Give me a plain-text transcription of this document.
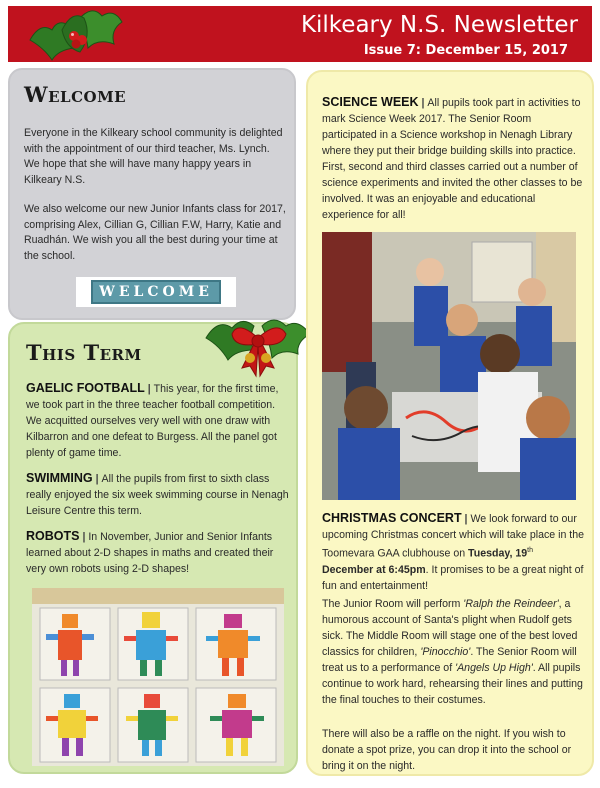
Kilkeary N.S. Newsletter
Issue 7: December 15, 2017
Welcome
Everyone in the Kilkeary school community is delighted with the appointment of our third teacher, Ms. Lynch. We hope that she will have many happy years in Kilkeary N.S.
We also welcome our new Junior Infants class for 2017, comprising Alex, Cillian G, Cillian F.W, Harry, Katie and Ruadhán. We wish you all the best during your time at the school.
WELCOME
This Term
GAELIC FOOTBALL | This year, for the first time, we took part in the three teacher football competition. We acquitted ourselves very well with one draw with Kilbarron and one defeat to Burgess. All the panel got plenty of game time.
SWIMMING | All the pupils from first to sixth class really enjoyed the six week swimming course in Nenagh Leisure Centre this term.
ROBOTS | In November, Junior and Senior Infants learned about 2-D shapes in maths and created their very own robots using 2-D shapes!
SCIENCE WEEK | All pupils took part in activities to mark Science Week 2017. The Senior Room participated in a Science workshop in Nenagh Library where they put their bridge building skills into practice. First, second and third classes carried out a number of science experiments and invited the other classes to be involved. It was an enjoyable and educational experience for all!
CHRISTMAS CONCERT | We look forward to our upcoming Christmas concert which will take place in the Toomevara GAA clubhouse on Tuesday, 19th December at 6:45pm. It promises to be a great night of fun and entertainment!
The Junior Room will perform 'Ralph the Reindeer', a humorous account of Santa's plight when Rudolf gets sick. The Middle Room will stage one of the best loved classics for children, 'Pinocchio'. The Senior Room will treat us to a performance of 'Angels Up High'. All pupils continue to work hard, rehearsing their lines and putting the final touches to their costumes.
There will also be a raffle on the night. If you wish to donate a spot prize, you can drop it into the school or bring it on the night.
